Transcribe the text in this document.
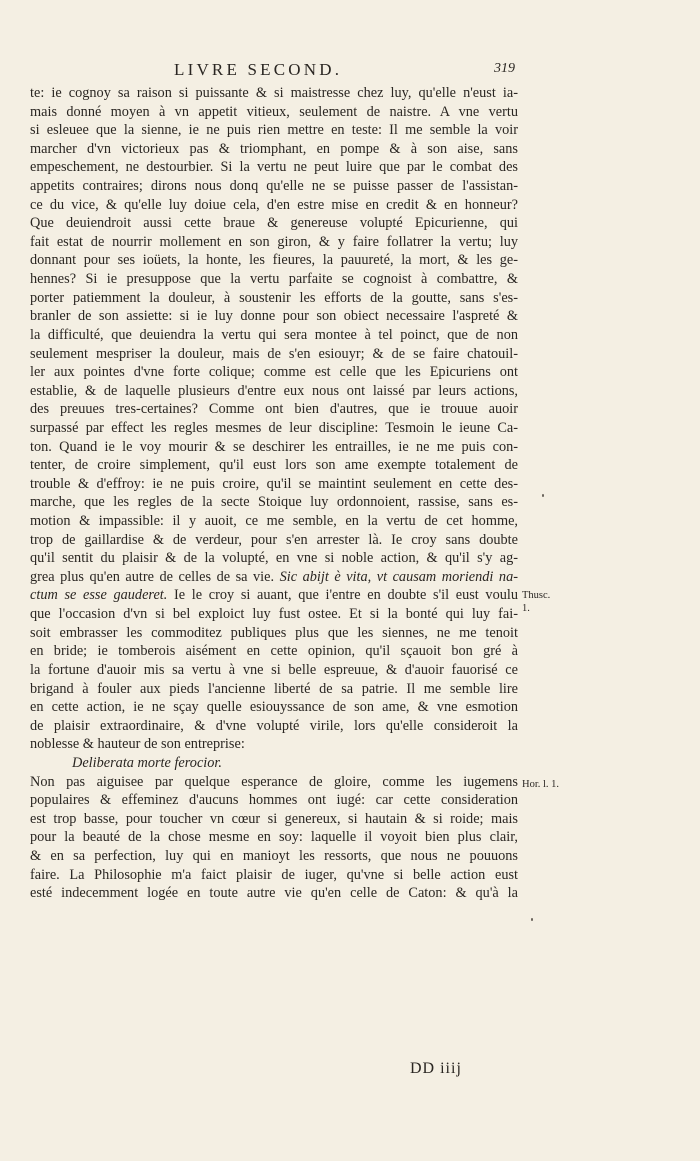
LIVRE SECOND.	319
te: ie cognoy sa raison si puissante & si maistresse chez luy, qu'elle n'eust ia-
mais donné moyen à vn appetit vitieux, seulement de naistre. A vne vertu
si esleuee que la sienne, ie ne puis rien mettre en teste: Il me semble la voir
marcher d'vn victorieux pas & triomphant, en pompe & à son aise, sans
empeschement, ne destourbier. Si la vertu ne peut luire que par le combat des
appetits contraires; dirons nous donq qu'elle ne se puisse passer de l'assistan-
ce du vice, & qu'elle luy doiue cela, d'en estre mise en credit & en honneur?
Que deuiendroit aussi cette braue & genereuse volupté Epicurienne, qui
fait estat de nourrir mollement en son giron, & y faire follatrer la vertu; luy
donnant pour ses ioüets, la honte, les fieures, la pauureté, la mort, & les ge-
hennes? Si ie presuppose que la vertu parfaite se cognoist à combattre, &
porter patiemment la douleur, à soustenir les efforts de la goutte, sans s'es-
branler de son assiette: si ie luy donne pour son obiect necessaire l'aspreté &
la difficulté, que deuiendra la vertu qui sera montee à tel poinct, que de non
seulement mespriser la douleur, mais de s'en esiouyr; & de se faire chatouil-
ler aux pointes d'vne forte colique; comme est celle que les Epicuriens ont
establie, & de laquelle plusieurs d'entre eux nous ont laissé par leurs actions,
des preuues tres-certaines? Comme ont bien d'autres, que ie trouue auoir
surpassé par effect les regles mesmes de leur discipline: Tesmoin le ieune Ca-
ton. Quand ie le voy mourir & se deschirer les entrailles, ie ne me puis con-
tenter, de croire simplement, qu'il eust lors son ame exempte totalement de
trouble & d'effroy: ie ne puis croire, qu'il se maintint seulement en cette des-
marche, que les regles de la secte Stoique luy ordonnoient, rassise, sans es-
motion & impassible: il y auoit, ce me semble, en la vertu de cet homme,
trop de gaillardise & de verdeur, pour s'en arrester là. Ie croy sans doubte
qu'il sentit du plaisir & de la volupté, en vne si noble action, & qu'il s'y ag-
grea plus qu'en autre de celles de sa vie. Sic abijt è vita, vt causam moriendi na-
ctum se esse gauderet. Ie le croy si auant, que i'entre en doubte s'il eust voulu
que l'occasion d'vn si bel exploict luy fust ostee. Et si la bonté qui luy fai-
soit embrasser les commoditez publiques plus que les siennes, ne me tenoit
en bride; ie tomberois aisément en cette opinion, qu'il sçauoit bon gré à
la fortune d'auoir mis sa vertu à vne si belle espreuue, & d'auoir fauorisé ce
brigand à fouler aux pieds l'ancienne liberté de sa patrie. Il me semble lire
en cette action, ie ne sçay quelle esiouyssance de son ame, & vne esmotion
de plaisir extraordinaire, & d'vne volupté virile, lors qu'elle consideroit la
noblesse & hauteur de son entreprise:
Deliberata morte ferocior.
Non pas aiguisee par quelque esperance de gloire, comme les iugemens
populaires & effeminez d'aucuns hommes ont iugé: car cette consideration
est trop basse, pour toucher vn cœur si genereux, si hautain & si roide; mais
pour la beauté de la chose mesme en soy: laquelle il voyoit bien plus clair,
& en sa perfection, luy qui en manioyt les ressorts, que nous ne pouuons
faire. La Philosophie m'a faict plaisir de iuger, qu'vne si belle action eust
esté indecemment logée en toute autre vie qu'en celle de Caton: & qu'à la
Thusc.
1.
Hor. l. 1.
DD iiij
